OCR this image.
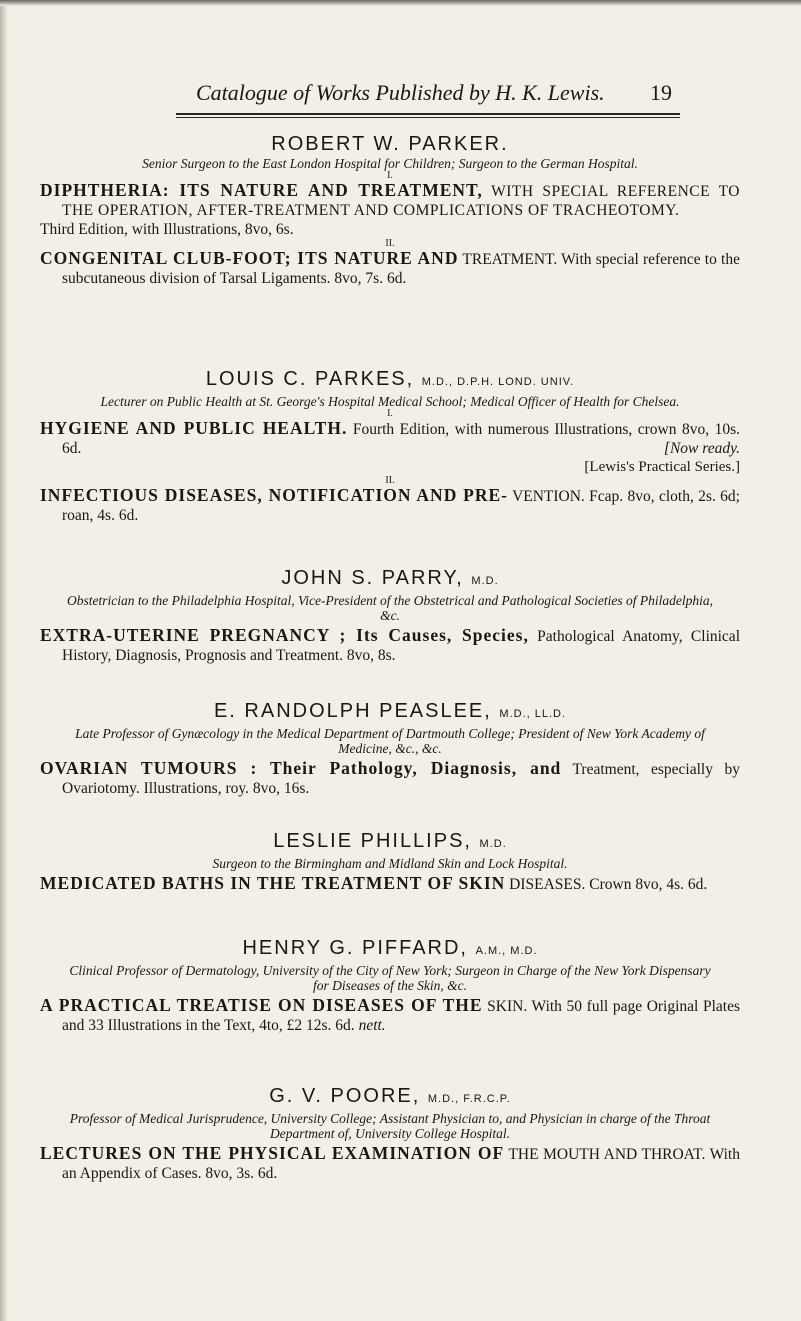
Catalogue of Works Published by H. K. Lewis.	19

ROBERT W. PARKER.

Senior Surgeon to the East London Hospital for Children; Surgeon to the German Hospital.

I.

DIPHTHERIA: ITS NATURE AND TREATMENT, WITH SPECIAL REFERENCE TO THE OPERATION, AFTER-TREATMENT AND COMPLICATIONS OF TRACHEOTOMY.

Third Edition, with Illustrations, 8vo, 6s.

II.

CONGENITAL CLUB-FOOT; ITS NATURE AND TREATMENT. With special reference to the subcutaneous division of Tarsal Ligaments. 8vo, 7s. 6d.

LOUIS C. PARKES, M.D., D.P.H. LOND. UNIV.

Lecturer on Public Health at St. George's Hospital Medical School; Medical Officer of Health for Chelsea.

I.

HYGIENE AND PUBLIC HEALTH. Fourth Edition, with numerous Illustrations, crown 8vo, 10s. 6d.	[Now ready.

[Lewis's Practical Series.]

II.

INFECTIOUS DISEASES, NOTIFICATION AND PRE- VENTION. Fcap. 8vo, cloth, 2s. 6d; roan, 4s. 6d.

JOHN S. PARRY, M.D.

Obstetrician to the Philadelphia Hospital, Vice-President of the Obstetrical and Pathological Societies of Philadelphia, &c.

EXTRA-UTERINE PREGNANCY ; Its Causes, Species, Pathological Anatomy, Clinical History, Diagnosis, Prognosis and Treatment. 8vo, 8s.

E. RANDOLPH PEASLEE, M.D., LL.D.

Late Professor of Gynæcology in the Medical Department of Dartmouth College; President of New York Academy of Medicine, &c., &c.

OVARIAN TUMOURS : Their Pathology, Diagnosis, and Treatment, especially by Ovariotomy. Illustrations, roy. 8vo, 16s.

LESLIE PHILLIPS, M.D.

Surgeon to the Birmingham and Midland Skin and Lock Hospital.

MEDICATED BATHS IN THE TREATMENT OF SKIN DISEASES. Crown 8vo, 4s. 6d.

HENRY G. PIFFARD, A.M., M.D.

Clinical Professor of Dermatology, University of the City of New York; Surgeon in Charge of the New York Dispensary for Diseases of the Skin, &c.

A PRACTICAL TREATISE ON DISEASES OF THE SKIN. With 50 full page Original Plates and 33 Illustrations in the Text, 4to, £2 12s. 6d. nett.

G. V. POORE, M.D., F.R.C.P.

Professor of Medical Jurisprudence, University College; Assistant Physician to, and Physician in charge of the Throat Department of, University College Hospital.

LECTURES ON THE PHYSICAL EXAMINATION OF THE MOUTH AND THROAT. With an Appendix of Cases. 8vo, 3s. 6d.
